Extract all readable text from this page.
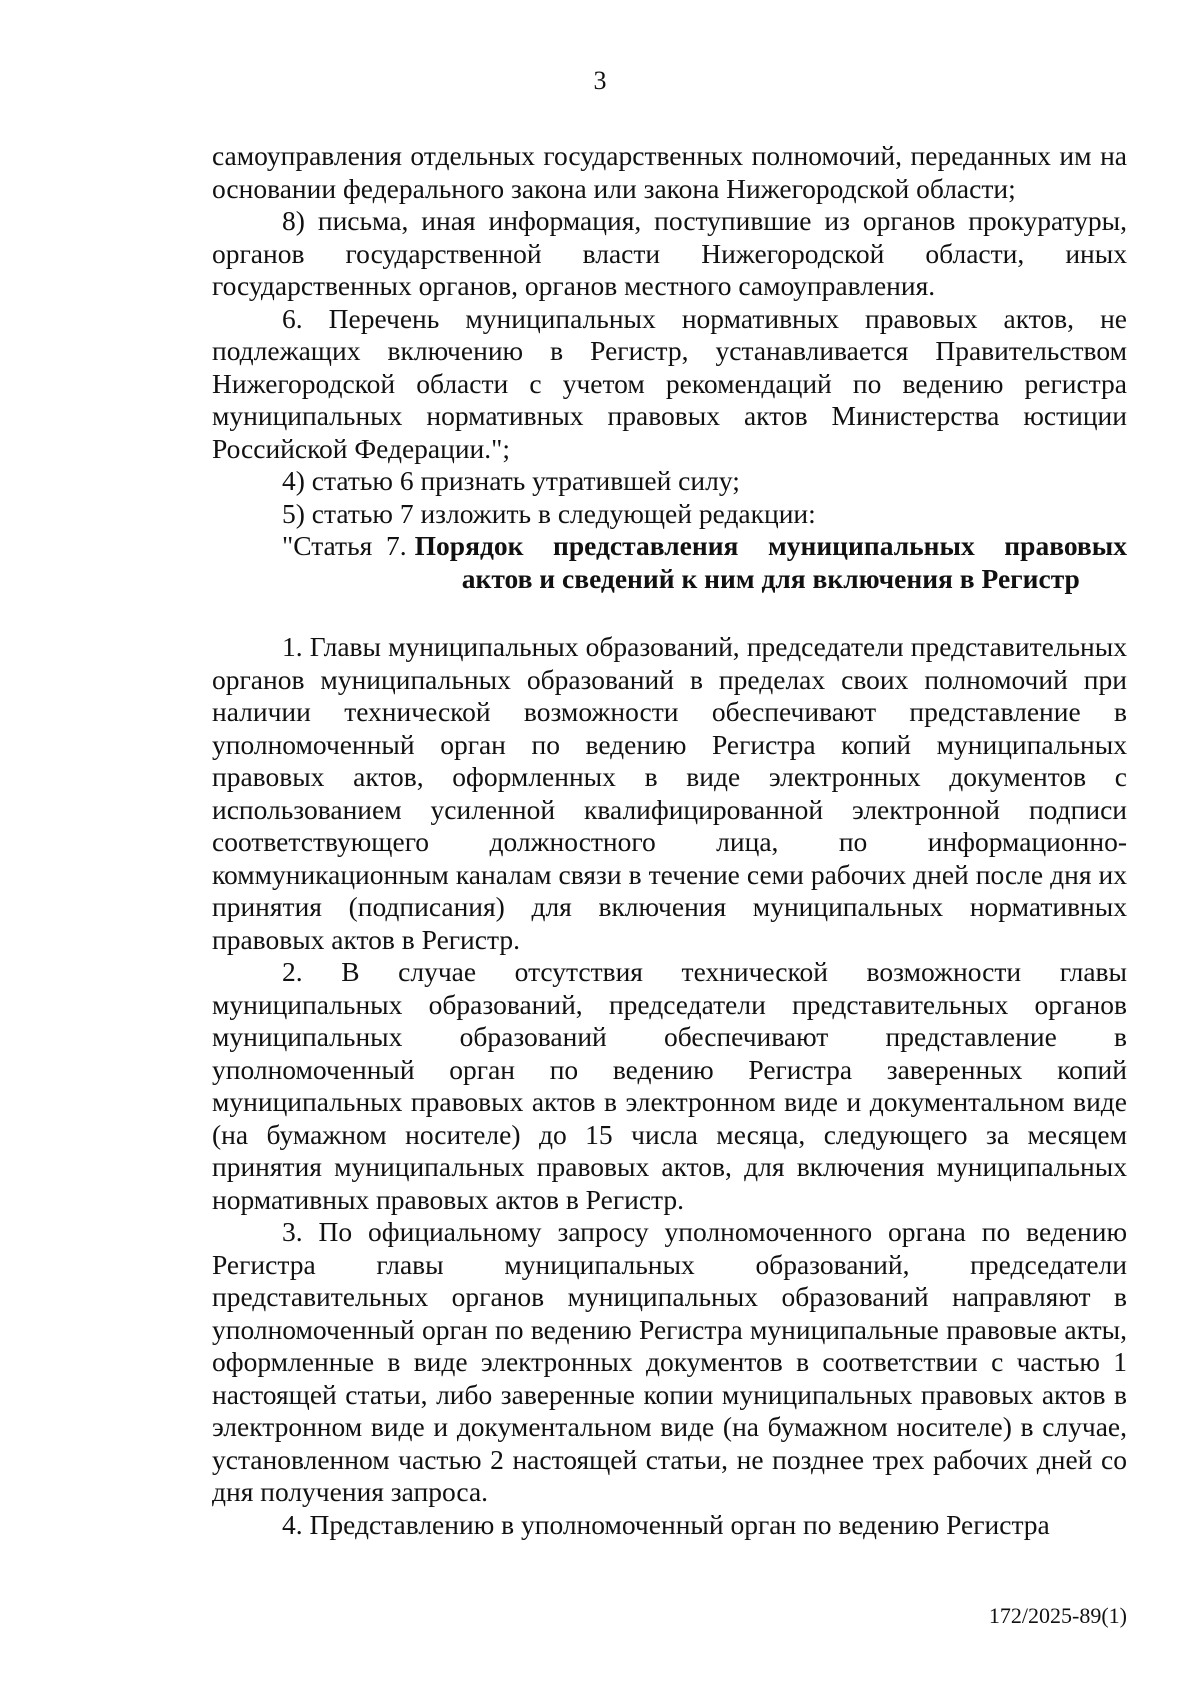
3

самоуправления отдельных государственных полномочий, переданных им на основании федерального закона или закона Нижегородской области;

8) письма, иная информация, поступившие из органов прокуратуры, органов государственной власти Нижегородской области, иных государственных органов, органов местного самоуправления.

6. Перечень муниципальных нормативных правовых актов, не подлежащих включению в Регистр, устанавливается Правительством Нижегородской области с учетом рекомендаций по ведению регистра муниципальных нормативных правовых актов Министерства юстиции Российской Федерации.";

4) статью 6 признать утратившей силу;

5) статью 7 изложить в следующей редакции:

"Статья  7. Порядок представления муниципальных правовых актов и сведений к ним для включения в Регистр

1. Главы муниципальных образований, председатели представительных органов муниципальных образований в пределах своих полномочий при наличии технической возможности обеспечивают представление в уполномоченный орган по ведению Регистра копий муниципальных правовых актов, оформленных в виде электронных документов с использованием усиленной квалифицированной электронной подписи соответствующего должностного лица, по информационно-коммуникационным каналам связи в течение семи рабочих дней после дня их принятия (подписания) для включения муниципальных нормативных правовых актов в Регистр.

2. В случае отсутствия технической возможности главы муниципальных образований, председатели представительных органов муниципальных образований обеспечивают представление в уполномоченный орган по ведению Регистра заверенных копий муниципальных правовых актов в электронном виде и документальном виде (на бумажном носителе) до 15 числа месяца, следующего за месяцем принятия муниципальных правовых актов, для включения муниципальных нормативных правовых актов в Регистр.

3. По официальному запросу уполномоченного органа по ведению Регистра главы муниципальных образований, председатели представительных органов муниципальных образований направляют в уполномоченный орган по ведению Регистра муниципальные правовые акты, оформленные в виде электронных документов в соответствии с частью 1 настоящей статьи, либо заверенные копии муниципальных правовых актов в электронном виде и документальном виде (на бумажном носителе) в случае, установленном частью 2 настоящей статьи, не позднее трех рабочих дней со дня получения запроса.

4. Представлению в уполномоченный орган по ведению Регистра

172/2025-89(1)
